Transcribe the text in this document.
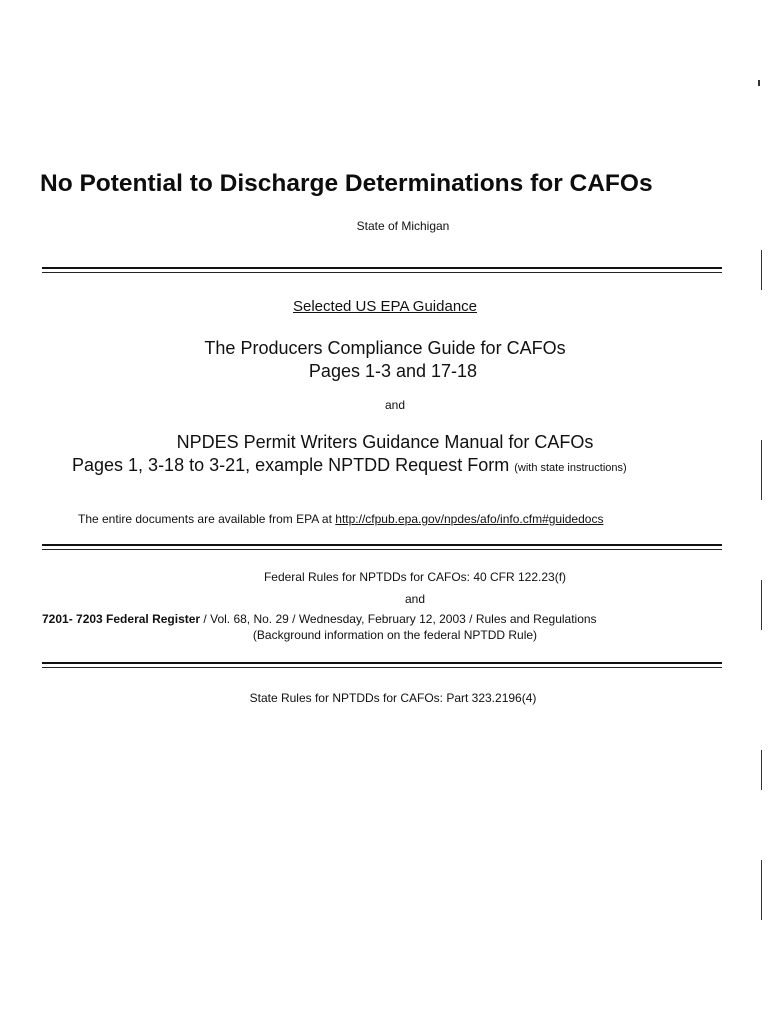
No Potential to Discharge Determinations for CAFOs
State of Michigan
Selected US EPA Guidance
The Producers Compliance Guide for CAFOs
Pages 1-3 and 17-18
and
NPDES Permit Writers Guidance Manual for CAFOs
Pages 1, 3-18 to 3-21, example NPTDD Request Form (with state instructions)
The entire documents are available from EPA at http://cfpub.epa.gov/npdes/afo/info.cfm#guidedocs
Federal Rules for NPTDDs for CAFOs: 40 CFR 122.23(f)
and
7201- 7203 Federal Register / Vol. 68, No. 29 / Wednesday, February 12, 2003 / Rules and Regulations
(Background information on the federal NPTDD Rule)
State Rules for NPTDDs for CAFOs: Part 323.2196(4)
